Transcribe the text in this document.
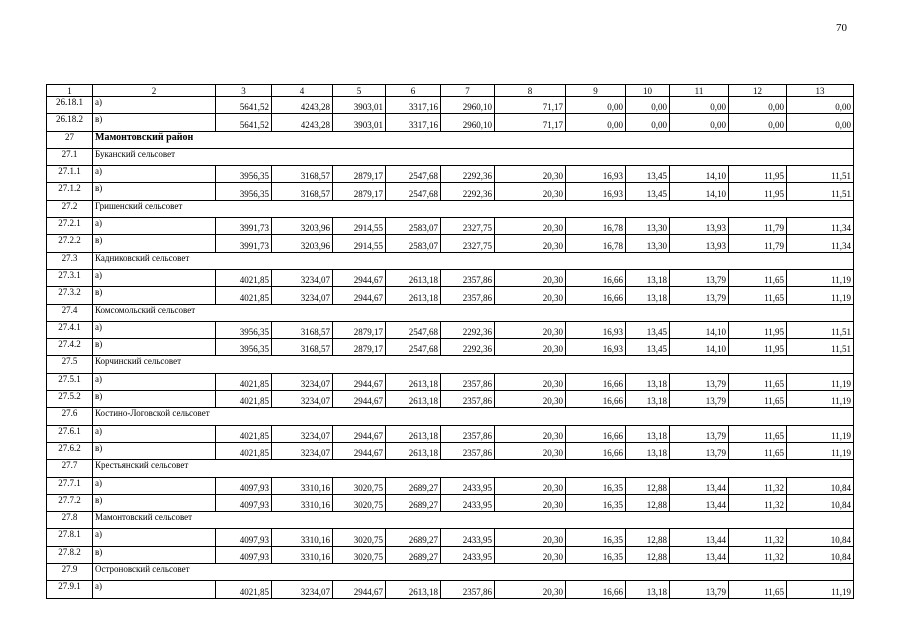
70
1	2	3	4	5	6	7	8	9	10	11	12	13
26.18.1	а)	5641,52	4243,28	3903,01	3317,16	2960,10	71,17	0,00	0,00	0,00	0,00	0,00
26.18.2	в)	5641,52	4243,28	3903,01	3317,16	2960,10	71,17	0,00	0,00	0,00	0,00	0,00
27	Мамонтовский район											
27.1	Буканский сельсовет											
27.1.1	а)	3956,35	3168,57	2879,17	2547,68	2292,36	20,30	16,93	13,45	14,10	11,95	11,51
27.1.2	в)	3956,35	3168,57	2879,17	2547,68	2292,36	20,30	16,93	13,45	14,10	11,95	11,51
27.2	Гришенский сельсовет											
27.2.1	а)	3991,73	3203,96	2914,55	2583,07	2327,75	20,30	16,78	13,30	13,93	11,79	11,34
27.2.2	в)	3991,73	3203,96	2914,55	2583,07	2327,75	20,30	16,78	13,30	13,93	11,79	11,34
27.3	Кадниковский сельсовет											
27.3.1	а)	4021,85	3234,07	2944,67	2613,18	2357,86	20,30	16,66	13,18	13,79	11,65	11,19
27.3.2	в)	4021,85	3234,07	2944,67	2613,18	2357,86	20,30	16,66	13,18	13,79	11,65	11,19
27.4	Комсомольский сельсовет											
27.4.1	а)	3956,35	3168,57	2879,17	2547,68	2292,36	20,30	16,93	13,45	14,10	11,95	11,51
27.4.2	в)	3956,35	3168,57	2879,17	2547,68	2292,36	20,30	16,93	13,45	14,10	11,95	11,51
27.5	Корчинский сельсовет											
27.5.1	а)	4021,85	3234,07	2944,67	2613,18	2357,86	20,30	16,66	13,18	13,79	11,65	11,19
27.5.2	в)	4021,85	3234,07	2944,67	2613,18	2357,86	20,30	16,66	13,18	13,79	11,65	11,19
27.6	Костино-Логовской сельсовет											
27.6.1	а)	4021,85	3234,07	2944,67	2613,18	2357,86	20,30	16,66	13,18	13,79	11,65	11,19
27.6.2	в)	4021,85	3234,07	2944,67	2613,18	2357,86	20,30	16,66	13,18	13,79	11,65	11,19
27.7	Крестьянский сельсовет											
27.7.1	а)	4097,93	3310,16	3020,75	2689,27	2433,95	20,30	16,35	12,88	13,44	11,32	10,84
27.7.2	в)	4097,93	3310,16	3020,75	2689,27	2433,95	20,30	16,35	12,88	13,44	11,32	10,84
27.8	Мамонтовский сельсовет											
27.8.1	а)	4097,93	3310,16	3020,75	2689,27	2433,95	20,30	16,35	12,88	13,44	11,32	10,84
27.8.2	в)	4097,93	3310,16	3020,75	2689,27	2433,95	20,30	16,35	12,88	13,44	11,32	10,84
27.9	Остроновский сельсовет											
27.9.1	а)	4021,85	3234,07	2944,67	2613,18	2357,86	20,30	16,66	13,18	13,79	11,65	11,19
